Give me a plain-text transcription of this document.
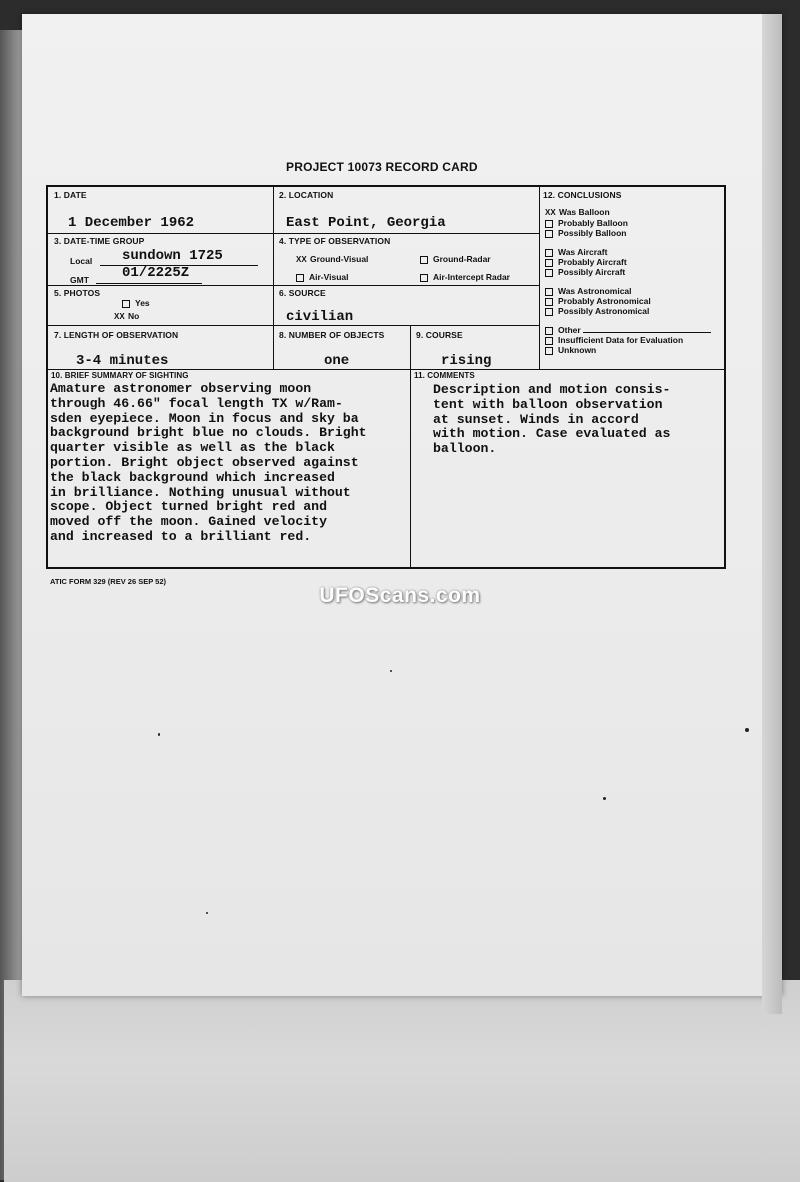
PROJECT 10073 RECORD CARD
1. DATE
1 December 1962
2. LOCATION
East Point, Georgia
3. DATE-TIME GROUP
Local sundown 1725
GMT 01/2225Z
4. TYPE OF OBSERVATION
XX Ground-Visual	Ground-Radar
Air-Visual	Air-Intercept Radar
5. PHOTOS
Yes
XX No
6. SOURCE
civilian
7. LENGTH OF OBSERVATION
3-4 minutes
8. NUMBER OF OBJECTS
one
9. COURSE
rising
12. CONCLUSIONS
XX Was Balloon
Probably Balloon
Possibly Balloon
Was Aircraft
Probably Aircraft
Possibly Aircraft
Was Astronomical
Probably Astronomical
Possibly Astronomical
Other
Insufficient Data for Evaluation
Unknown
10. BRIEF SUMMARY OF SIGHTING
Amature astronomer observing moon
through 46.66" focal length TX w/Ram-
sden eyepiece. Moon in focus and sky ba
background bright blue no clouds. Bright
quarter visible as well as the black
portion. Bright object observed against
the black background which increased
in brilliance. Nothing unusual without
scope. Object turned bright red and
moved off the moon. Gained velocity
and increased to a brilliant red.
11. COMMENTS
Description and motion consis-
tent with balloon observation
at sunset. Winds in accord
with motion. Case evaluated as
balloon.
ATIC FORM 329 (REV 26 SEP 52)
UFOScans.com
